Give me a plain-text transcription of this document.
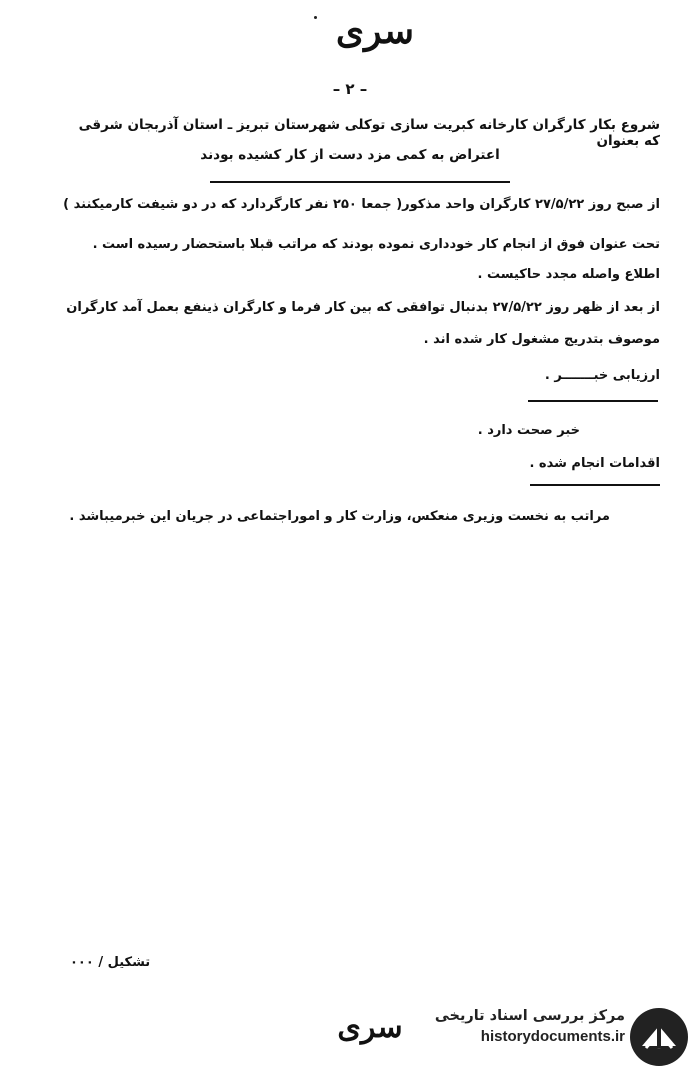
سری
– ۲ –
شروع بکار کارگران کارخانه کبریت سازی توکلی شهرستان تبریز ـ استان آذربجان شرقی که بعنوان
اعتراض به کمی مزد دست از کار کشیده بودند
از صبح روز ۲۷/۵/۲۲ کارگران واحد مذکور( جمعا ۲۵۰ نفر کارگردارد که در دو شیفت کارمیکنند )
تحت عنوان فوق از انجام کار خودداری نموده بودند که مراتب قبلا باستحضار رسیده است .
اطلاع واصله مجدد حاکیست .
از بعد از ظهر روز ۲۷/۵/۲۲ بدنبال توافقی که بین کار فرما و کارگران ذینفع بعمل آمد کارگران
موصوف بتدریج مشغول کار شده اند .
ارزیابی خبـــــــر .
خبر صحت دارد .
اقدامات انجام شده .
مراتب به نخست وزیری منعکس، وزارت کار و اموراجتماعی در جریان این خبرمیباشد .
تشکیل / ۰۰۰
سری	مرکز بررسی اسناد تاریخی
historydocuments.ir
